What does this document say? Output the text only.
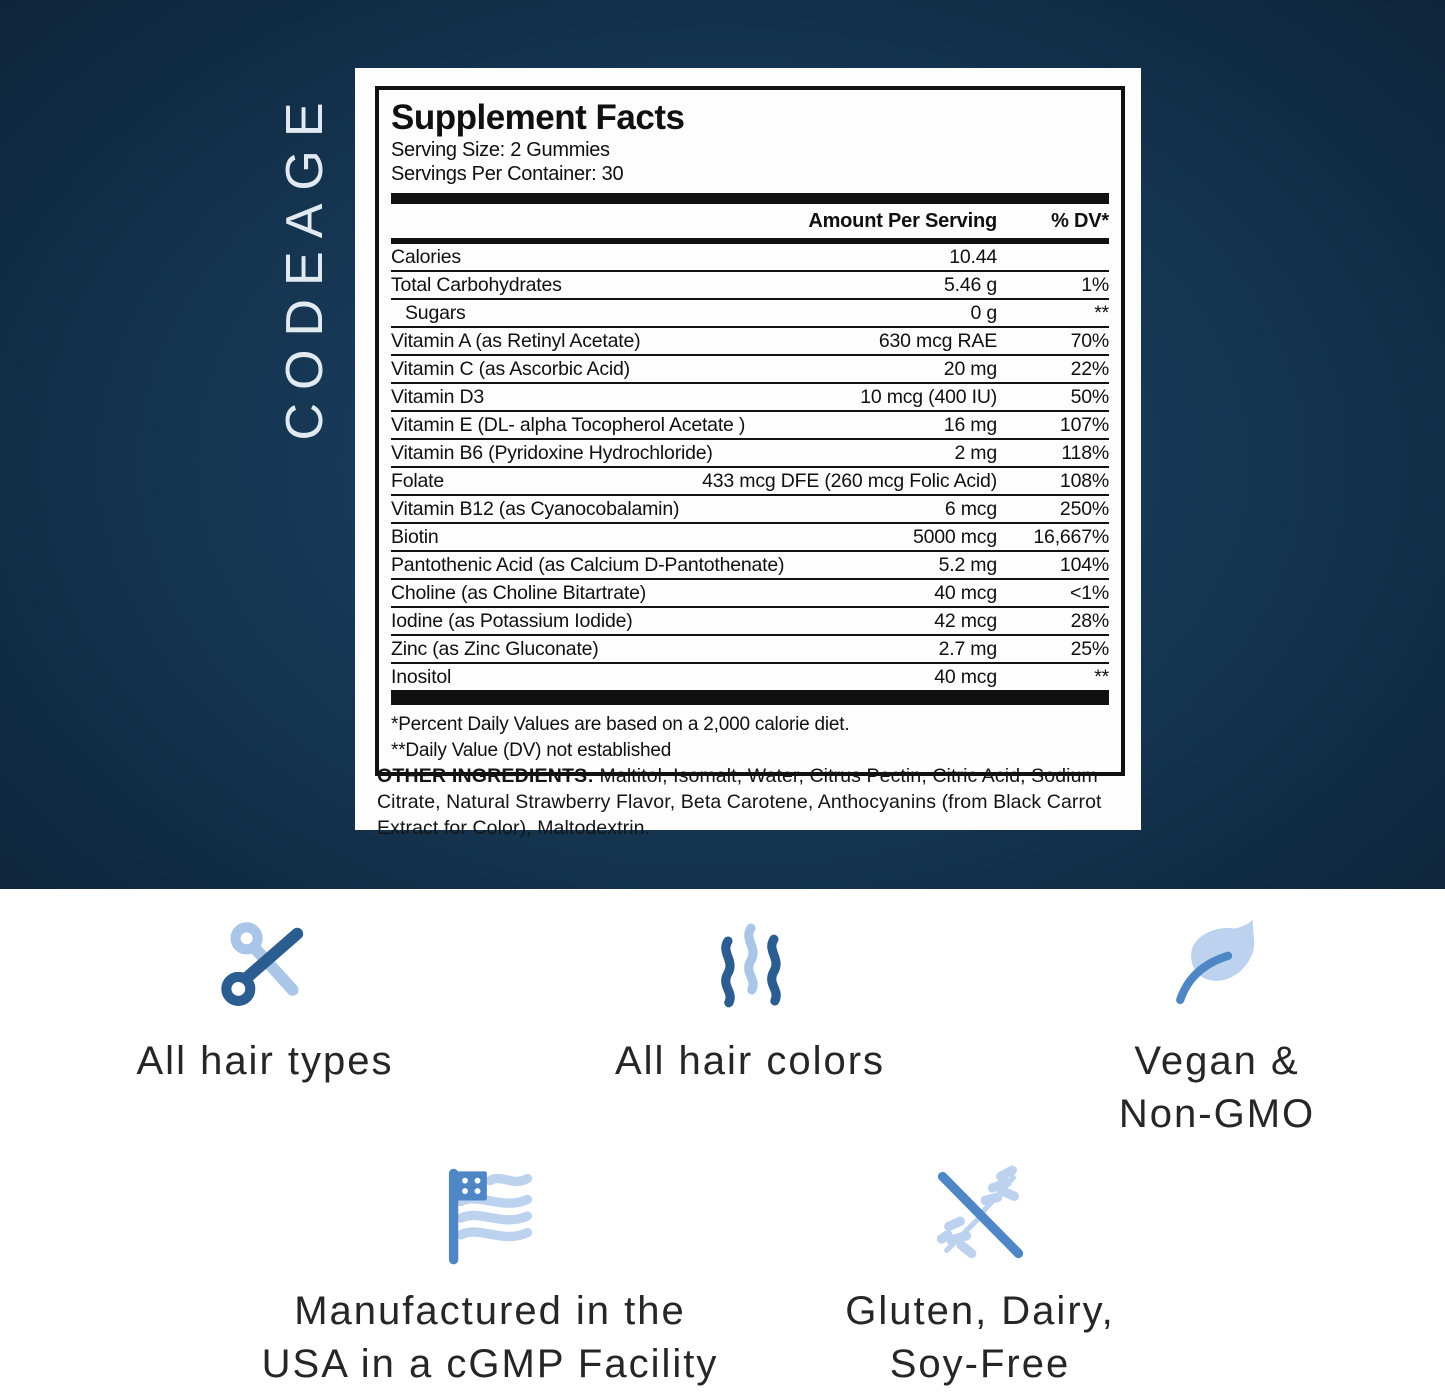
CODEAGE Supplement Facts
Serving Size: 2 Gummies
Servings Per Container: 30
Amount Per Serving	% DV*
Calories	10.44
Total Carbohydrates	5.46 g	1%
Sugars	0 g	**
Vitamin A (as Retinyl Acetate)	630 mcg RAE	70%
Vitamin C (as Ascorbic Acid)	20 mg	22%
Vitamin D3	10 mcg (400 IU)	50%
Vitamin E (DL- alpha Tocopherol Acetate )	16 mg	107%
Vitamin B6 (Pyridoxine Hydrochloride)	2 mg	118%
Folate	433 mcg DFE (260 mcg Folic Acid)	108%
Vitamin B12 (as Cyanocobalamin)	6 mcg	250%
Biotin	5000 mcg	16,667%
Pantothenic Acid (as Calcium D-Pantothenate)	5.2 mg	104%
Choline (as Choline Bitartrate)	40 mcg	<1%
Iodine (as Potassium Iodide)	42 mcg	28%
Zinc (as Zinc Gluconate)	2.7 mg	25%
Inositol	40 mcg	**
*Percent Daily Values are based on a 2,000 calorie diet.
**Daily Value (DV) not established
OTHER INGREDIENTS: Maltitol, Isomalt, Water, Citrus Pectin, Citric Acid, Sodium Citrate, Natural Strawberry Flavor, Beta Carotene, Anthocyanins (from Black Carrot Extract for Color), Maltodextrin.
All hair types	All hair colors	Vegan &
Non-GMO
Manufactured in the
USA in a cGMP Facility
Gluten, Dairy,
Soy-Free
